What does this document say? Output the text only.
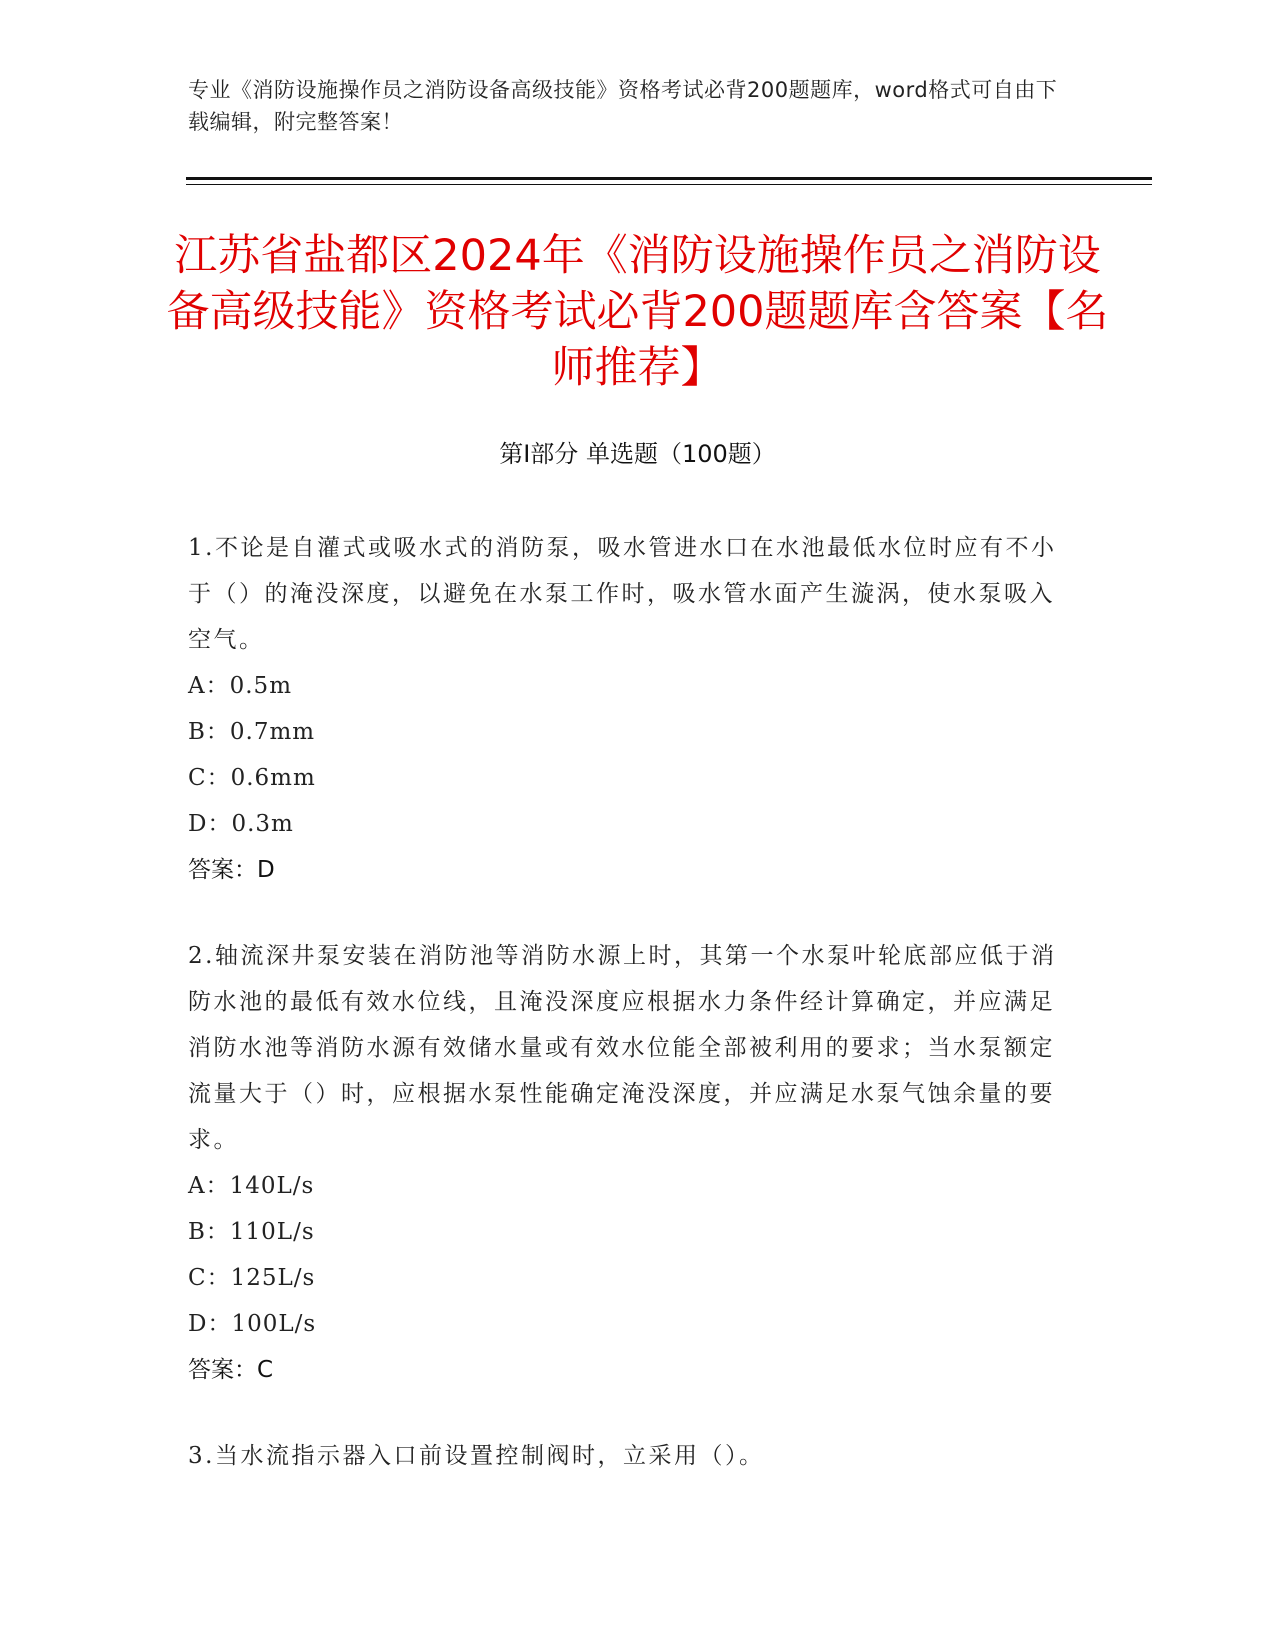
专业《消防设施操作员之消防设备高级技能》资格考试必背200题题库，word格式可自由下载编辑，附完整答案！
江苏省盐都区2024年《消防设施操作员之消防设备高级技能》资格考试必背200题题库含答案【名师推荐】
第I部分 单选题（100题）

1.不论是自灌式或吸水式的消防泵，吸水管进水口在水池最低水位时应有不小于（）的淹没深度，以避免在水泵工作时，吸水管水面产生漩涡，使水泵吸入空气。

A：0.5m
B：0.7mm
C：0.6mm
D：0.3m
答案：D

2.轴流深井泵安装在消防池等消防水源上时，其第一个水泵叶轮底部应低于消防水池的最低有效水位线，且淹没深度应根据水力条件经计算确定，并应满足消防水池等消防水源有效储水量或有效水位能全部被利用的要求；当水泵额定流量大于（）时，应根据水泵性能确定淹没深度，并应满足水泵气蚀余量的要求。

A：140L/s
B：110L/s
C：125L/s
D：100L/s
答案：C

3.当水流指示器入口前设置控制阀时，立采用（）。
